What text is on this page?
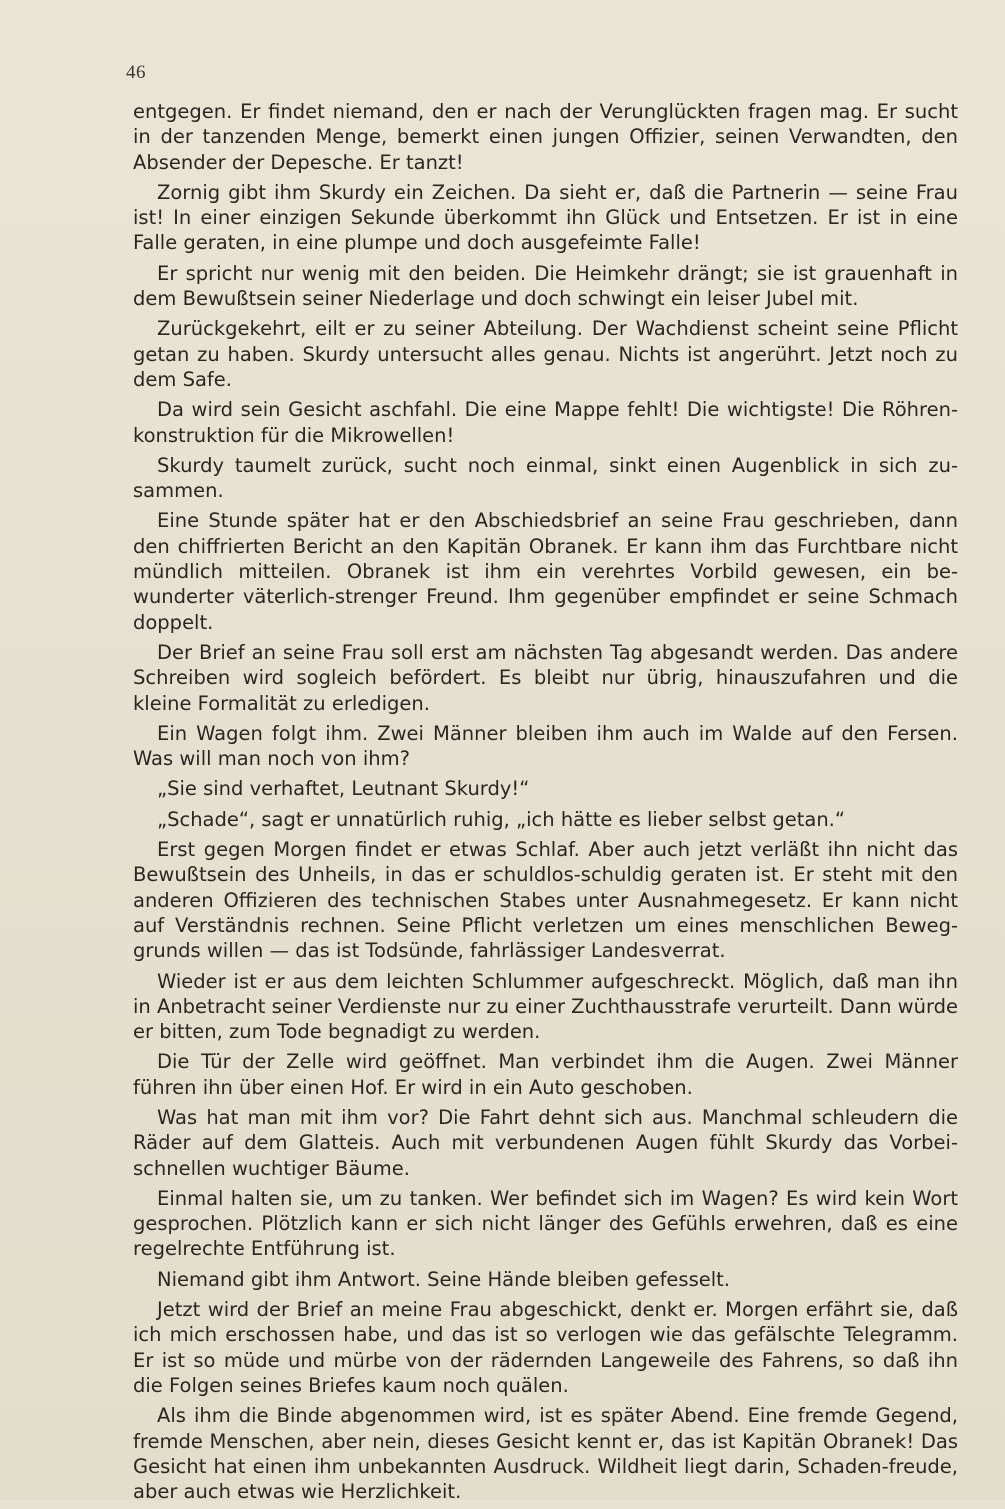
46

entgegen. Er findet niemand, den er nach der Verunglückten fragen mag. Er sucht in der tanzenden Menge, bemerkt einen jungen Offizier, seinen Verwandten, den Absender der Depesche. Er tanzt!

Zornig gibt ihm Skurdy ein Zeichen. Da sieht er, daß die Partnerin — seine Frau ist! In einer einzigen Sekunde überkommt ihn Glück und Entsetzen. Er ist in eine Falle geraten, in eine plumpe und doch ausgefeimte Falle!

Er spricht nur wenig mit den beiden. Die Heimkehr drängt; sie ist grauenhaft in dem Bewußtsein seiner Niederlage und doch schwingt ein leiser Jubel mit.

Zurückgekehrt, eilt er zu seiner Abteilung. Der Wachdienst scheint seine Pflicht getan zu haben. Skurdy untersucht alles genau. Nichts ist angerührt. Jetzt noch zu dem Safe.

Da wird sein Gesicht aschfahl. Die eine Mappe fehlt! Die wichtigste! Die Röhren-konstruktion für die Mikrowellen!

Skurdy taumelt zurück, sucht noch einmal, sinkt einen Augenblick in sich zu-sammen.

Eine Stunde später hat er den Abschiedsbrief an seine Frau geschrieben, dann den chiffrierten Bericht an den Kapitän Obranek. Er kann ihm das Furchtbare nicht mündlich mitteilen. Obranek ist ihm ein verehrtes Vorbild gewesen, ein be-wunderter väterlich-strenger Freund. Ihm gegenüber empfindet er seine Schmach doppelt.

Der Brief an seine Frau soll erst am nächsten Tag abgesandt werden. Das andere Schreiben wird sogleich befördert. Es bleibt nur übrig, hinauszufahren und die kleine Formalität zu erledigen.

Ein Wagen folgt ihm. Zwei Männer bleiben ihm auch im Walde auf den Fersen. Was will man noch von ihm?

„Sie sind verhaftet, Leutnant Skurdy!“

„Schade“, sagt er unnatürlich ruhig, „ich hätte es lieber selbst getan.“

Erst gegen Morgen findet er etwas Schlaf. Aber auch jetzt verläßt ihn nicht das Bewußtsein des Unheils, in das er schuldlos-schuldig geraten ist. Er steht mit den anderen Offizieren des technischen Stabes unter Ausnahmegesetz. Er kann nicht auf Verständnis rechnen. Seine Pflicht verletzen um eines menschlichen Beweg-grunds willen — das ist Todsünde, fahrlässiger Landesverrat.

Wieder ist er aus dem leichten Schlummer aufgeschreckt. Möglich, daß man ihn in Anbetracht seiner Verdienste nur zu einer Zuchthausstrafe verurteilt. Dann würde er bitten, zum Tode begnadigt zu werden.

Die Tür der Zelle wird geöffnet. Man verbindet ihm die Augen. Zwei Männer führen ihn über einen Hof. Er wird in ein Auto geschoben.

Was hat man mit ihm vor? Die Fahrt dehnt sich aus. Manchmal schleudern die Räder auf dem Glatteis. Auch mit verbundenen Augen fühlt Skurdy das Vorbei-schnellen wuchtiger Bäume.

Einmal halten sie, um zu tanken. Wer befindet sich im Wagen? Es wird kein Wort gesprochen. Plötzlich kann er sich nicht länger des Gefühls erwehren, daß es eine regelrechte Entführung ist.

Niemand gibt ihm Antwort. Seine Hände bleiben gefesselt.

Jetzt wird der Brief an meine Frau abgeschickt, denkt er. Morgen erfährt sie, daß ich mich erschossen habe, und das ist so verlogen wie das gefälschte Telegramm. Er ist so müde und mürbe von der rädernden Langeweile des Fahrens, so daß ihn die Folgen seines Briefes kaum noch quälen.

Als ihm die Binde abgenommen wird, ist es später Abend. Eine fremde Gegend, fremde Menschen, aber nein, dieses Gesicht kennt er, das ist Kapitän Obranek! Das Gesicht hat einen ihm unbekannten Ausdruck. Wildheit liegt darin, Schaden-freude, aber auch etwas wie Herzlichkeit.
